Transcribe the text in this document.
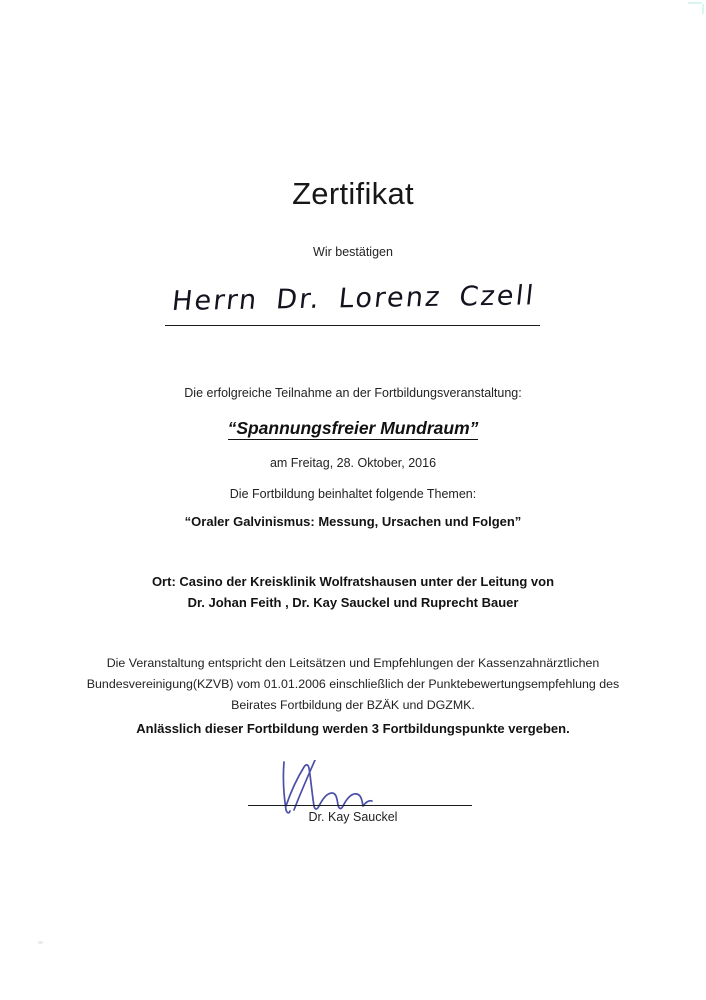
Zertifikat
Wir bestätigen
Herrn Dr. Lorenz Czell
Die erfolgreiche Teilnahme an der Fortbildungsveranstaltung:
“Spannungsfreier Mundraum”
am Freitag, 28. Oktober, 2016
Die Fortbildung beinhaltet folgende Themen:
“Oraler Galvinismus: Messung, Ursachen und Folgen”
Ort: Casino der Kreisklinik Wolfratshausen unter der Leitung von
Dr. Johan Feith , Dr. Kay Sauckel und Ruprecht Bauer
Die Veranstaltung entspricht den Leitsätzen und Empfehlungen der Kassenzahnärztlichen Bundesvereinigung(KZVB) vom 01.01.2006 einschließlich der Punktebewertungsempfehlung des Beirates Fortbildung der BZÄK und DGZMK.
Anlässlich dieser Fortbildung werden 3 Fortbildungspunkte vergeben.
Dr. Kay Sauckel
